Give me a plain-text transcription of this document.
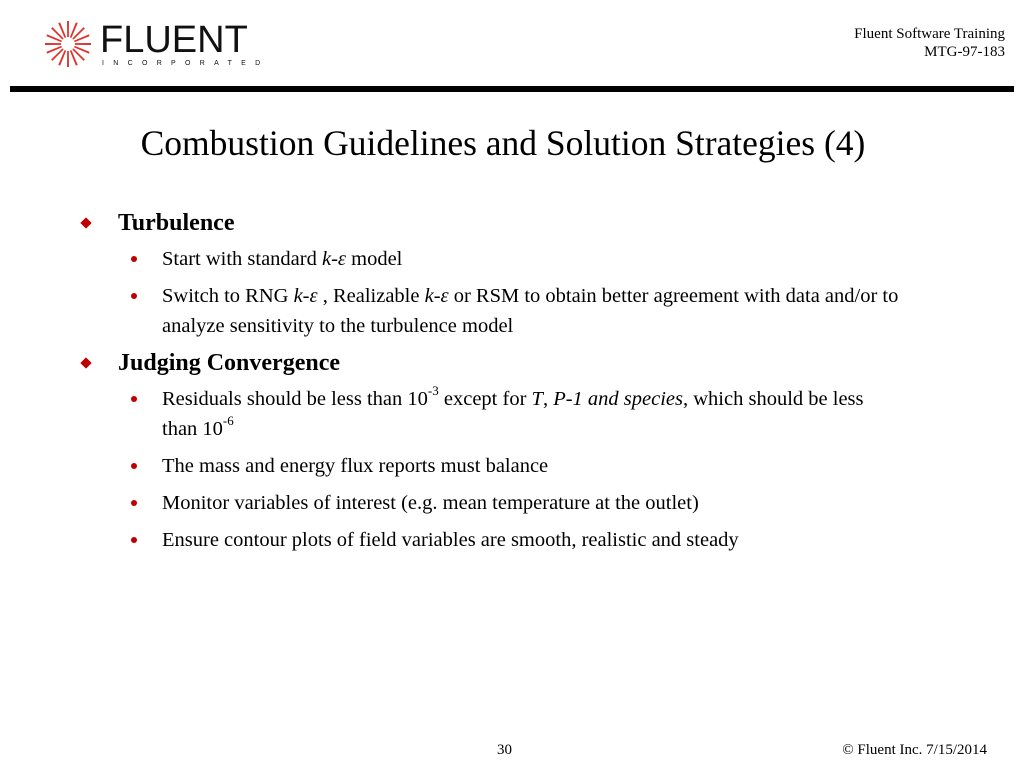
FLUENT
INCORPORATED
Fluent Software Training
MTG-97-183
Combustion Guidelines and Solution Strategies (4)
Turbulence
Start with standard k-ε model
Switch to RNG k-ε , Realizable k-ε or RSM to obtain better agreement with data and/or to analyze sensitivity to the turbulence model
Judging Convergence
Residuals should be less than $10^{-3}$ except for T, P-1 and species, which should be less than $10^{-6}$
The mass and energy flux reports must balance
Monitor variables of interest (e.g. mean temperature at the outlet)
Ensure contour plots of field variables are smooth, realistic and steady
30	© Fluent Inc. 7/15/2014
